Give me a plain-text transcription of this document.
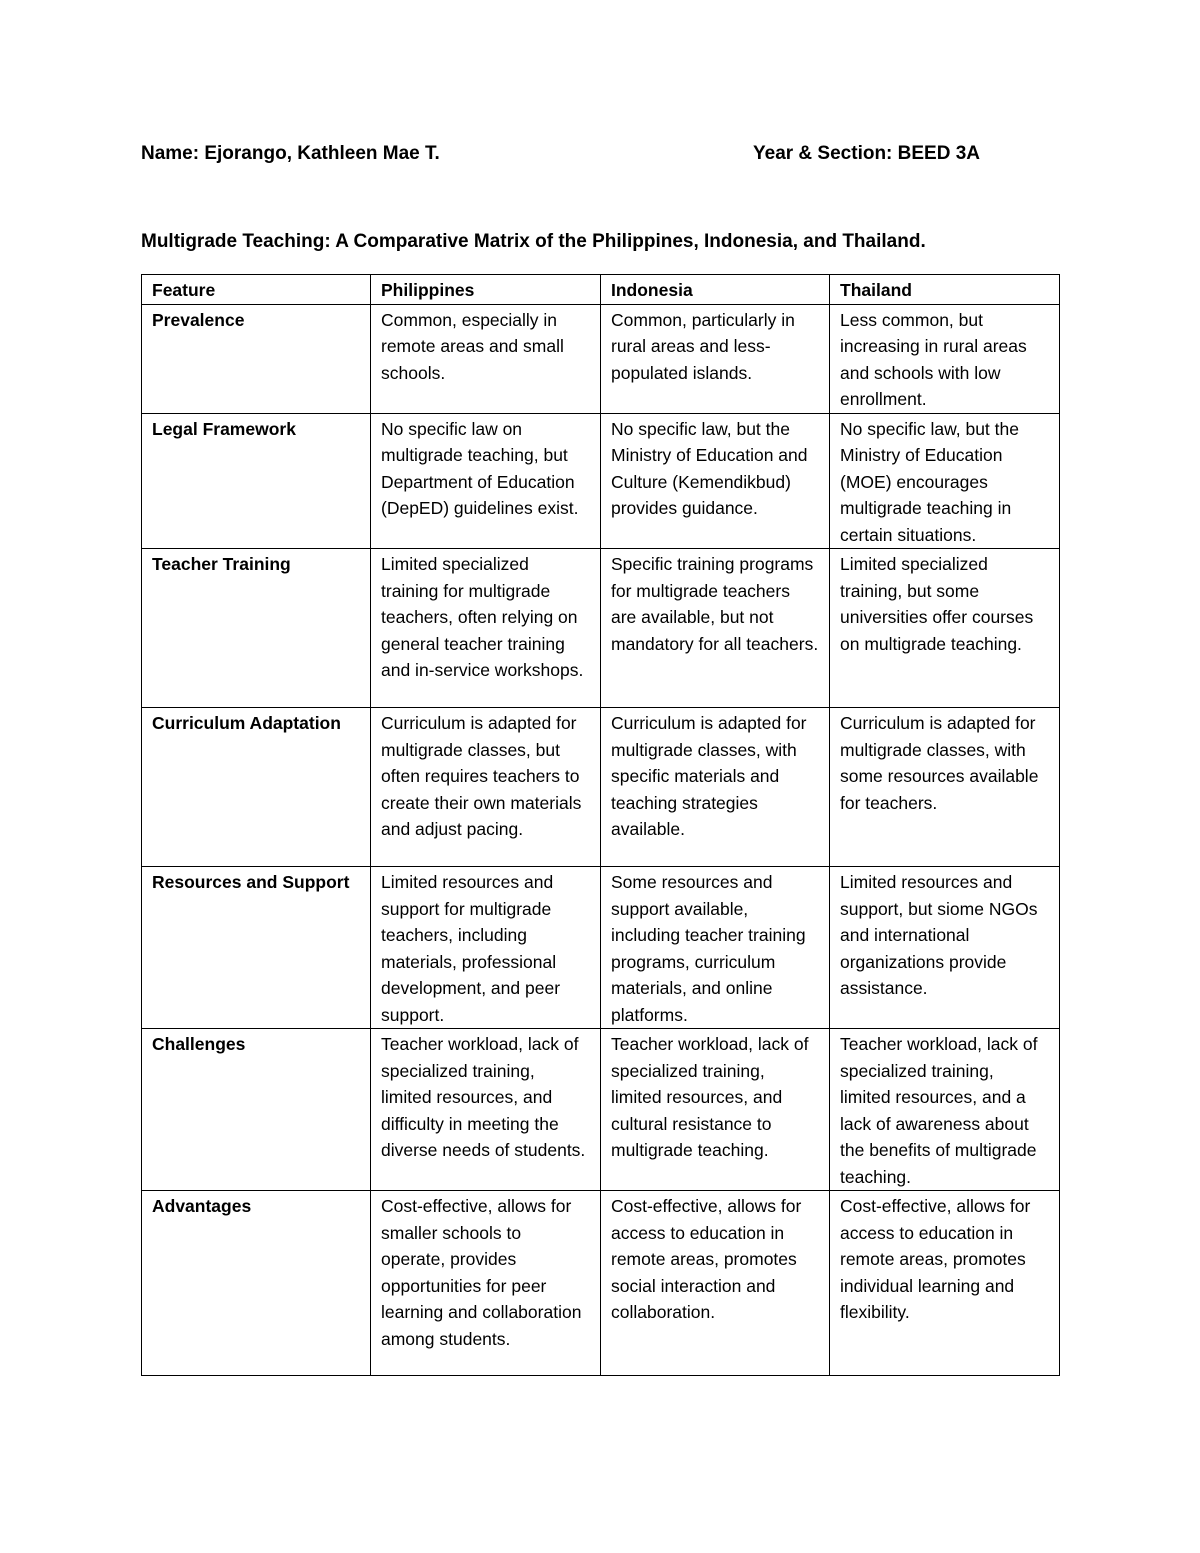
Name: Ejorango, Kathleen Mae T.	Year & Section: BEED 3A
Multigrade Teaching: A Comparative Matrix of the Philippines, Indonesia, and Thailand.
Feature	Philippines	Indonesia	Thailand
Prevalence	Common, especially in remote areas and small schools.	Common, particularly in rural areas and less-populated islands.	Less common, but increasing in rural areas and schools with low enrollment.
Legal Framework	No specific law on multigrade teaching, but Department of Education (DepED) guidelines exist.	No specific law, but the Ministry of Education and Culture (Kemendikbud) provides guidance.	No specific law, but the Ministry of Education (MOE) encourages multigrade teaching in certain situations.
Teacher Training	Limited specialized training for multigrade teachers, often relying on general teacher training and in-service workshops.	Specific training programs for multigrade teachers are available, but not mandatory for all teachers.	Limited specialized training, but some universities offer courses on multigrade teaching.
Curriculum Adaptation	Curriculum is adapted for multigrade classes, but often requires teachers to create their own materials and adjust pacing.	Curriculum is adapted for multigrade classes, with specific materials and teaching strategies available.	Curriculum is adapted for multigrade classes, with some resources available for teachers.
Resources and Support	Limited resources and support for multigrade teachers, including materials, professional development, and peer support.	Some resources and support available, including teacher training programs, curriculum materials, and online platforms.	Limited resources and support, but siome NGOs and international organizations provide assistance.
Challenges	Teacher workload, lack of specialized training, limited resources, and difficulty in meeting the diverse needs of students.	Teacher workload, lack of specialized training, limited resources, and cultural resistance to multigrade teaching.	Teacher workload, lack of specialized training, limited resources, and a lack of awareness about the benefits of multigrade teaching.
Advantages	Cost-effective, allows for smaller schools to operate, provides opportunities for peer learning and collaboration among students.	Cost-effective, allows for access to education in remote areas, promotes social interaction and collaboration.	Cost-effective, allows for access to education in remote areas, promotes individual learning and flexibility.
